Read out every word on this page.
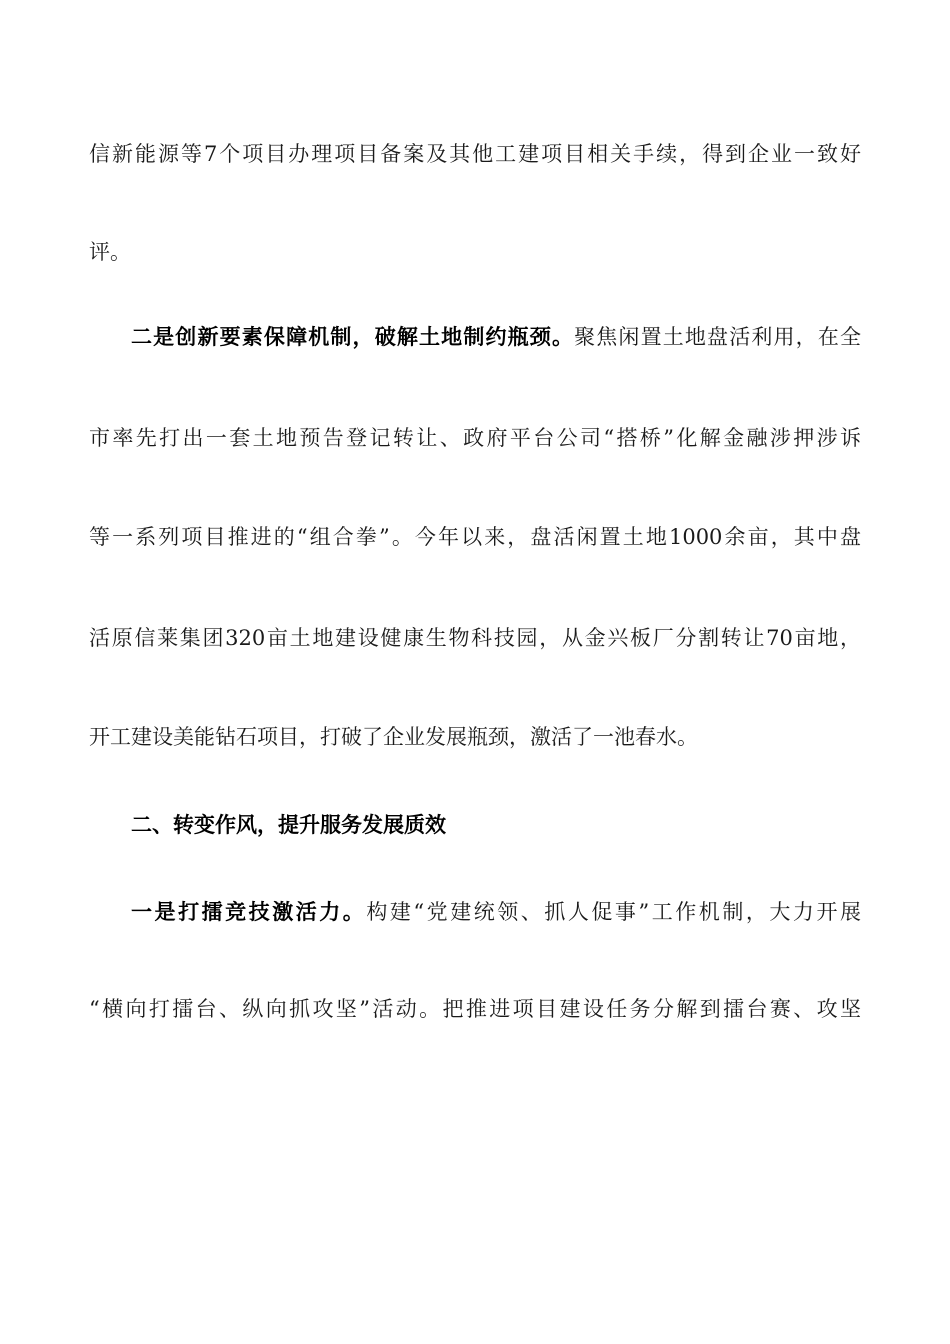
信新能源等7个项目办理项目备案及其他工建项目相关手续，得到企业一致好

评。

二是创新要素保障机制，破解土地制约瓶颈。聚焦闲置土地盘活利用，在全

市率先打出一套土地预告登记转让、政府平台公司“搭桥”化解金融涉押涉诉

等一系列项目推进的“组合拳”。今年以来，盘活闲置土地1000余亩，其中盘

活原信莱集团320亩土地建设健康生物科技园，从金兴板厂分割转让70亩地，

开工建设美能钻石项目，打破了企业发展瓶颈，激活了一池春水。

二、转变作风，提升服务发展质效

一是打擂竞技激活力。构建“党建统领、抓人促事”工作机制，大力开展

“横向打擂台、纵向抓攻坚”活动。把推进项目建设任务分解到擂台赛、攻坚
